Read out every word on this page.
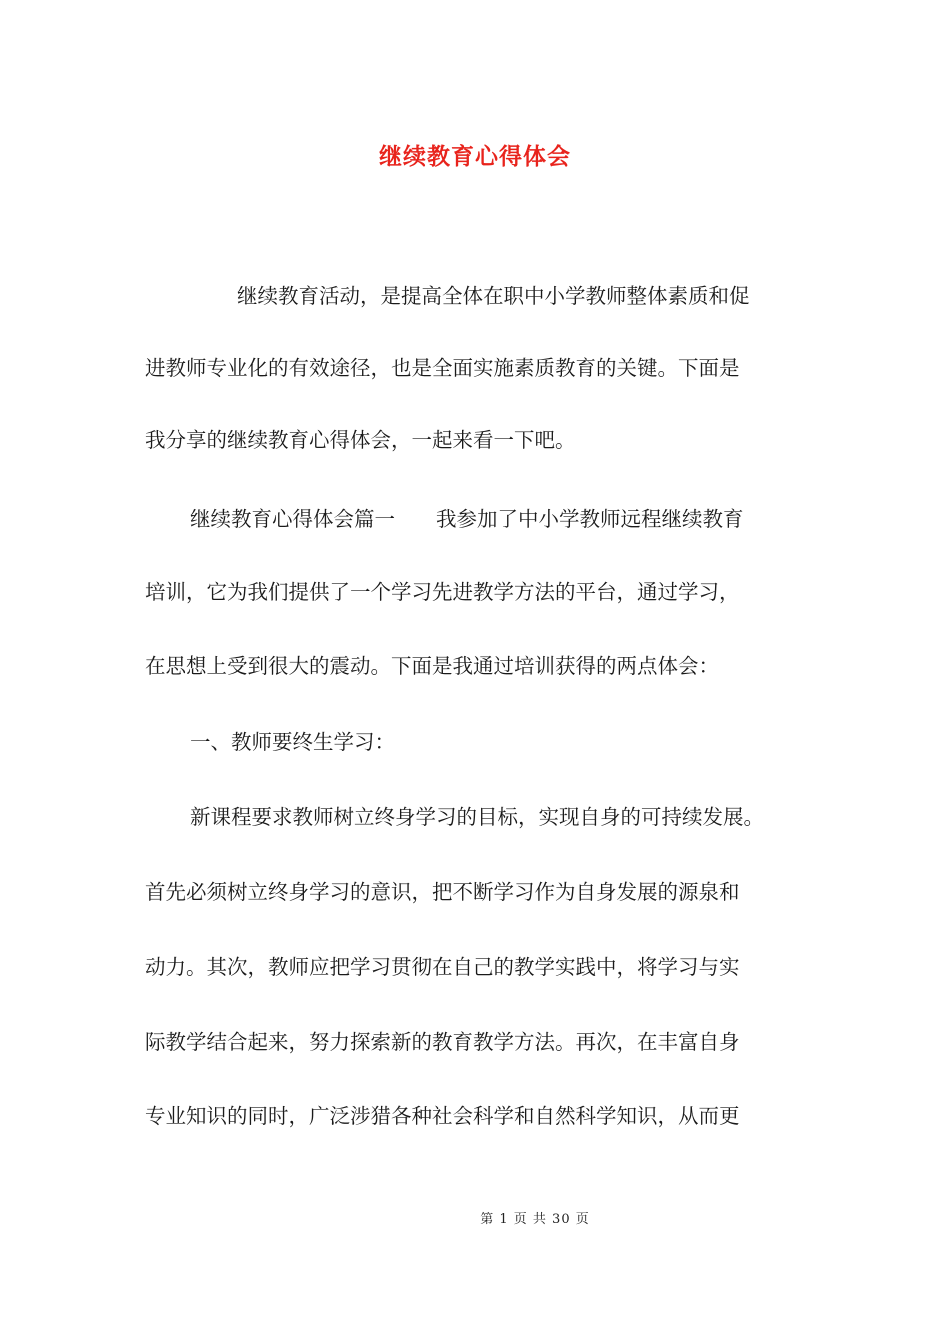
继续教育心得体会
继续教育活动，是提高全体在职中小学教师整体素质和促
进教师专业化的有效途径，也是全面实施素质教育的关键。下面是
我分享的继续教育心得体会，一起来看一下吧。
继续教育心得体会篇一　　我参加了中小学教师远程继续教育
培训，它为我们提供了一个学习先进教学方法的平台，通过学习，
在思想上受到很大的震动。下面是我通过培训获得的两点体会：
一、教师要终生学习：
新课程要求教师树立终身学习的目标，实现自身的可持续发展。
首先必须树立终身学习的意识，把不断学习作为自身发展的源泉和
动力。其次，教师应把学习贯彻在自己的教学实践中，将学习与实
际教学结合起来，努力探索新的教育教学方法。再次，在丰富自身
专业知识的同时，广泛涉猎各种社会科学和自然科学知识，从而更
第 1 页 共 30 页
